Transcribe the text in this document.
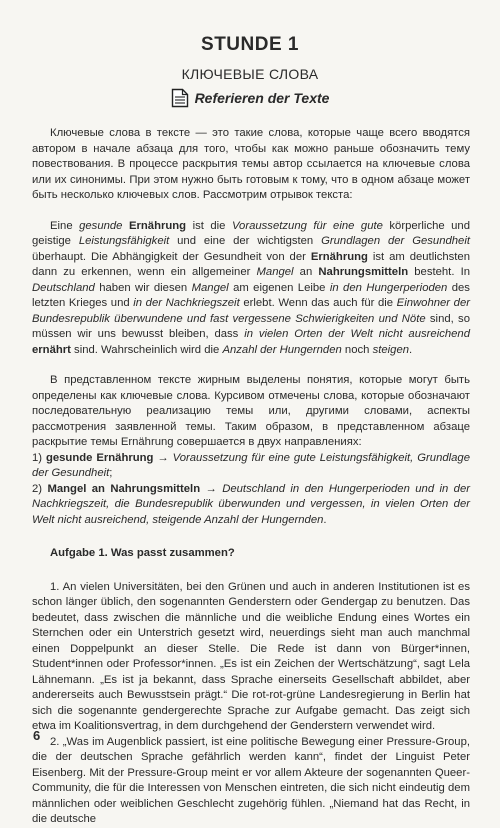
STUNDE 1
КЛЮЧЕВЫЕ СЛОВА
Referieren der Texte

Ключевые слова в тексте — это такие слова, которые чаще всего вводятся автором в начале абзаца для того, чтобы как можно раньше обозначить тему повествования. В процессе раскрытия темы автор ссылается на ключевые слова или их синонимы. При этом нужно быть готовым к тому, что в одном абзаце может быть несколько ключевых слов. Рассмотрим отрывок текста:

Eine gesunde Ernährung ist die Voraussetzung für eine gute körperliche und geistige Leistungsfähigkeit und eine der wichtigsten Grundlagen der Gesundheit überhaupt. Die Abhängigkeit der Gesundheit von der Ernährung ist am deutlichsten dann zu erkennen, wenn ein allgemeiner Mangel an Nahrungsmitteln besteht. In Deutschland haben wir diesen Mangel am eigenen Leibe in den Hungerperioden des letzten Krieges und in der Nachkriegszeit erlebt. Wenn das auch für die Einwohner der Bundesrepublik überwundene und fast vergessene Schwierigkeiten und Nöte sind, so müssen wir uns bewusst bleiben, dass in vielen Orten der Welt nicht ausreichend ernährt sind. Wahrscheinlich wird die Anzahl der Hungernden noch steigen.

В представленном тексте жирным выделены понятия, которые могут быть определены как ключевые слова. Курсивом отмечены слова, которые обозначают последовательную реализацию темы или, другими словами, аспекты рассмотрения заявленной темы. Таким образом, в представленном абзаце раскрытие темы Ernährung совершается в двух направлениях:

1) gesunde Ernährung → Voraussetzung für eine gute Leistungsfähigkeit, Grundlage der Gesundheit;

2) Mangel an Nahrungsmitteln → Deutschland in den Hungerperioden und in der Nachkriegszeit, die Bundesrepublik überwunden und vergessen, in vielen Orten der Welt nicht ausreichend, steigende Anzahl der Hungernden.

Aufgabe 1. Was passt zusammen?

1. An vielen Universitäten, bei den Grünen und auch in anderen Institutionen ist es schon länger üblich, den sogenannten Genderstern oder Gendergap zu benutzen. Das bedeutet, dass zwischen die männliche und die weibliche Endung eines Wortes ein Sternchen oder ein Unterstrich gesetzt wird, neuerdings sieht man auch manchmal einen Doppelpunkt an dieser Stelle. Die Rede ist dann von Bürger*innen, Student*innen oder Professor*innen. „Es ist ein Zeichen der Wertschätzung“, sagt Lela Lähnemann. „Es ist ja bekannt, dass Sprache einerseits Gesellschaft abbildet, aber andererseits auch Bewusstsein prägt.“ Die rot-rot-grüne Landesregierung in Berlin hat sich die sogenannte gendergerechte Sprache zur Aufgabe gemacht. Das zeigt sich etwa im Koalitionsvertrag, in dem durchgehend der Genderstern verwendet wird.

2. „Was im Augenblick passiert, ist eine politische Bewegung einer Pressure-Group, die der deutschen Sprache gefährlich werden kann“, findet der Linguist Peter Eisenberg. Mit der Pressure-Group meint er vor allem Akteure der sogenannten Queer-Community, die für die Interessen von Menschen eintreten, die sich nicht eindeutig dem männlichen oder weiblichen Geschlecht zugehörig fühlen. „Niemand hat das Recht, in die deutsche

6
